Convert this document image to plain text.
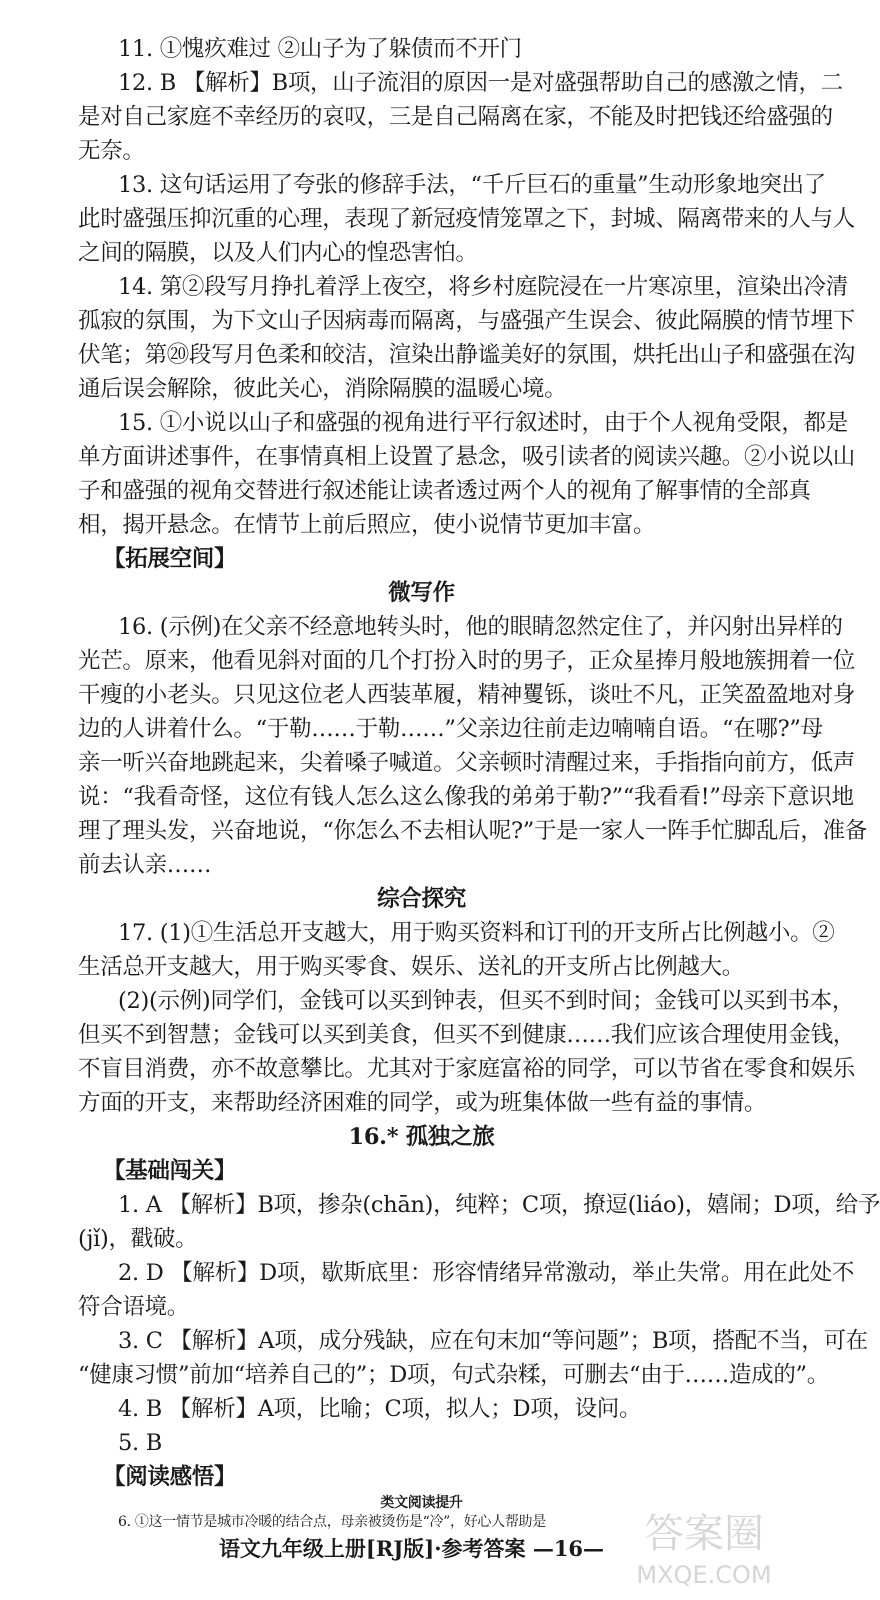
11. ①愧疚难过 ②山子为了躲债而不开门
12. B 【解析】B项，山子流泪的原因一是对盛强帮助自己的感激之情，二
是对自己家庭不幸经历的哀叹，三是自己隔离在家，不能及时把钱还给盛强的
无奈。
13. 这句话运用了夸张的修辞手法，“千斤巨石的重量”生动形象地突出了
此时盛强压抑沉重的心理，表现了新冠疫情笼罩之下，封城、隔离带来的人与人
之间的隔膜，以及人们内心的惶恐害怕。
14. 第②段写月挣扎着浮上夜空，将乡村庭院浸在一片寒凉里，渲染出冷清
孤寂的氛围，为下文山子因病毒而隔离，与盛强产生误会、彼此隔膜的情节埋下
伏笔；第⑳段写月色柔和皎洁，渲染出静谧美好的氛围，烘托出山子和盛强在沟
通后误会解除，彼此关心，消除隔膜的温暖心境。
15. ①小说以山子和盛强的视角进行平行叙述时，由于个人视角受限，都是
单方面讲述事件，在事情真相上设置了悬念，吸引读者的阅读兴趣。②小说以山
子和盛强的视角交替进行叙述能让读者透过两个人的视角了解事情的全部真
相，揭开悬念。在情节上前后照应，使小说情节更加丰富。
【拓展空间】
微写作
16. (示例)在父亲不经意地转头时，他的眼睛忽然定住了，并闪射出异样的
光芒。原来，他看见斜对面的几个打扮入时的男子，正众星捧月般地簇拥着一位
干瘦的小老头。只见这位老人西装革履，精神矍铄，谈吐不凡，正笑盈盈地对身
边的人讲着什么。“于勒……于勒……”父亲边往前走边喃喃自语。“在哪?”母
亲一听兴奋地跳起来，尖着嗓子喊道。父亲顿时清醒过来，手指指向前方，低声
说：“我看奇怪，这位有钱人怎么这么像我的弟弟于勒?”“我看看!”母亲下意识地
理了理头发，兴奋地说，“你怎么不去相认呢?”于是一家人一阵手忙脚乱后，准备
前去认亲……
综合探究
17. (1)①生活总开支越大，用于购买资料和订刊的开支所占比例越小。②
生活总开支越大，用于购买零食、娱乐、送礼的开支所占比例越大。
(2)(示例)同学们，金钱可以买到钟表，但买不到时间；金钱可以买到书本，
但买不到智慧；金钱可以买到美食，但买不到健康……我们应该合理使用金钱，
不盲目消费，亦不故意攀比。尤其对于家庭富裕的同学，可以节省在零食和娱乐
方面的开支，来帮助经济困难的同学，或为班集体做一些有益的事情。
16.* 孤独之旅
【基础闯关】
1. A 【解析】B项，掺杂(chān)，纯粹；C项，撩逗(liáo)，嬉闹；D项，给予
(jǐ)，戳破。
2. D 【解析】D项，歇斯底里：形容情绪异常激动，举止失常。用在此处不
符合语境。
3. C 【解析】A项，成分残缺，应在句末加“等问题”；B项，搭配不当，可在
“健康习惯”前加“培养自己的”；D项，句式杂糅，可删去“由于……造成的”。
4. B 【解析】A项，比喻；C项，拟人；D项，设问。
5. B
【阅读感悟】
类文阅读提升
6. ①这一情节是城市冷暖的结合点，母亲被烫伤是“冷”，好心人帮助是
语文九年级上册[RJ版]·参考答案 —16— 答案圈
MXQE.COM
